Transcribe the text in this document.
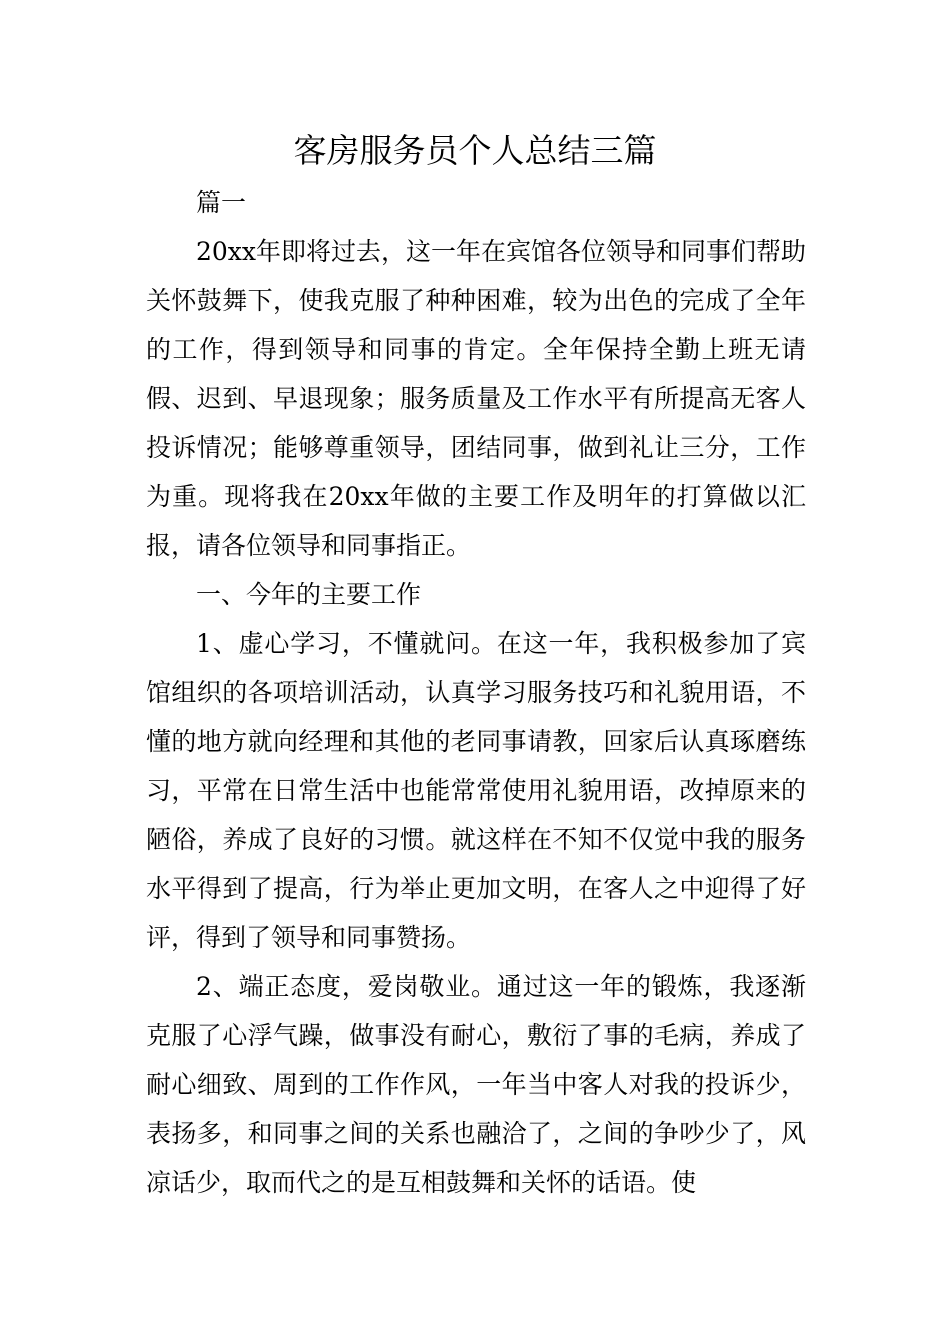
客房服务员个人总结三篇

篇一

20xx年即将过去，这一年在宾馆各位领导和同事们帮助关怀鼓舞下，使我克服了种种困难，较为出色的完成了全年的工作，得到领导和同事的肯定。全年保持全勤上班无请假、迟到、早退现象；服务质量及工作水平有所提高无客人投诉情况；能够尊重领导，团结同事，做到礼让三分，工作为重。现将我在20xx年做的主要工作及明年的打算做以汇报，请各位领导和同事指正。

一、今年的主要工作

1、虚心学习，不懂就问。在这一年，我积极参加了宾馆组织的各项培训活动，认真学习服务技巧和礼貌用语，不懂的地方就向经理和其他的老同事请教，回家后认真琢磨练习，平常在日常生活中也能常常使用礼貌用语，改掉原来的陋俗，养成了良好的习惯。就这样在不知不仅觉中我的服务水平得到了提高，行为举止更加文明，在客人之中迎得了好评，得到了领导和同事赞扬。

2、端正态度，爱岗敬业。通过这一年的锻炼，我逐渐克服了心浮气躁，做事没有耐心，敷衍了事的毛病，养成了耐心细致、周到的工作作风，一年当中客人对我的投诉少，表扬多，和同事之间的关系也融洽了，之间的争吵少了，风凉话少，取而代之的是互相鼓舞和关怀的话语。使
